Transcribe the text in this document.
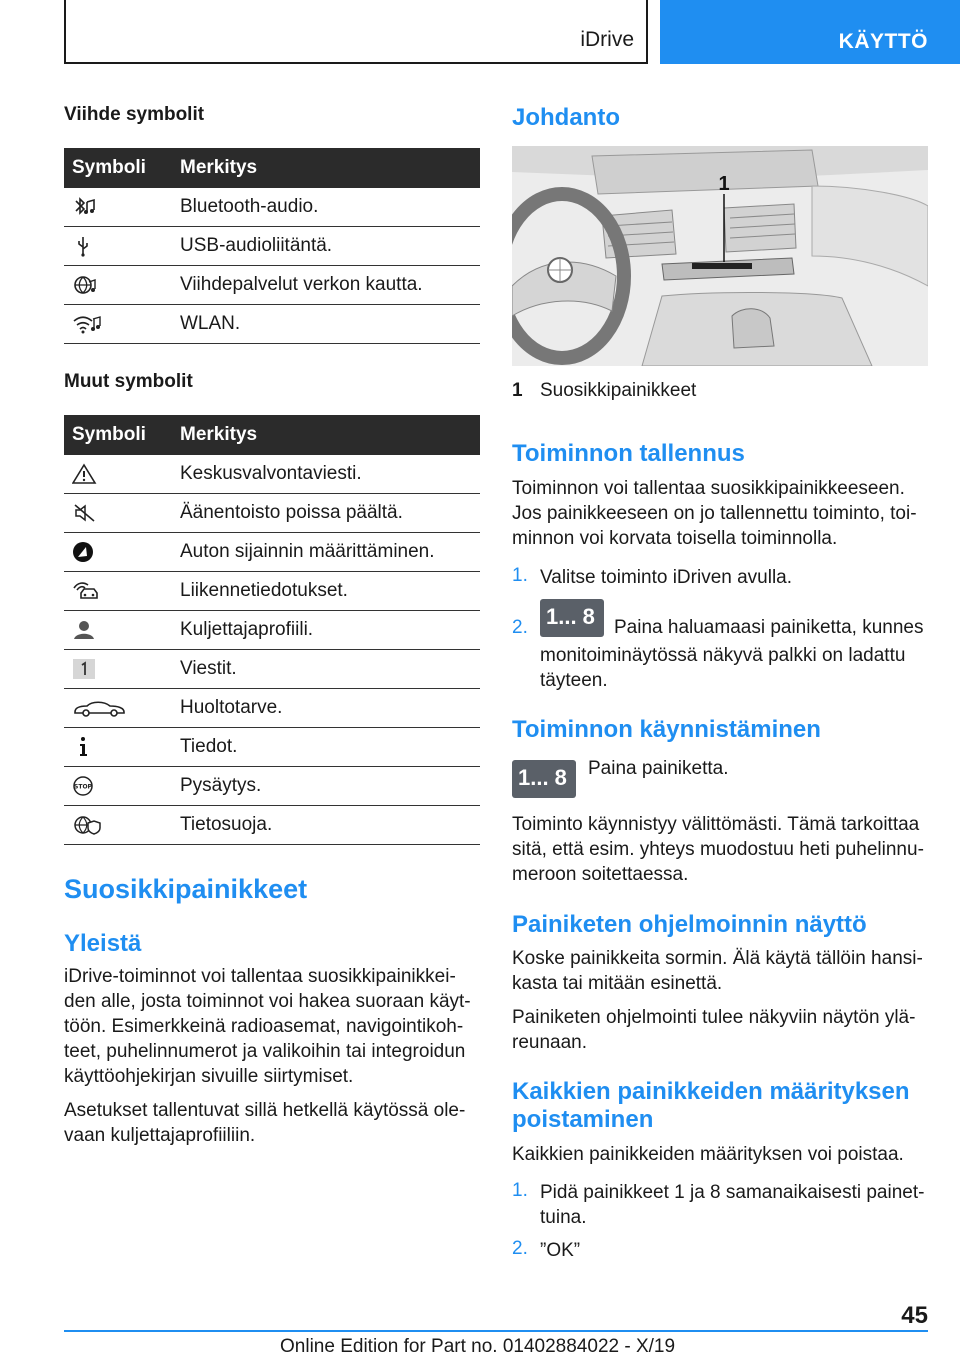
iDrive	KÄYTTÖ
Viihde symbolit
Symboli	Merkitys

	Bluetooth-audio.

	USB-audioliitäntä.

	Viihdepalvelut verkon kautta.

	WLAN.
Muut symbolit
Symboli	Merkitys

	Keskusvalvontaviesti.

	Äänentoisto poissa päältä.

	Auton sijainnin määrittäminen.

	Liikennetiedotukset.

	Kuljettajaprofiili.

	Viestit.

	Huoltotarve.

	Tiedot.

STOP	Pysäytys.

	Tietosuoja.
Suosikkipainikkeet
Yleistä
iDrive-toiminnot voi tallentaa suosikkipainikkei-
den alle, josta toiminnot voi hakea suoraan käyt-
töön. Esimerkkeinä radioasemat, navigointikoh-
teet, puhelinnumerot ja valikoihin tai integroidun
käyttöohjekirjan sivuille siirtymiset.
Asetukset tallentuvat sillä hetkellä käytössä ole-
vaan kuljettajaprofiiliin.
Johdanto
1
1 Suosikkipainikkeet
Toiminnon tallennus
Toiminnon voi tallentaa suosikkipainikkeeseen.
Jos painikkeeseen on jo tallennettu toiminto, toi-
minnon voi korvata toisella toiminnolla.
1. Valitse toiminto iDriven avulla.
2. 1... 8 Paina haluamaasi painiketta, kunnes
monitoiminäytössä näkyvä palkki on ladattu
täyteen.
Toiminnon käynnistäminen
1... 8 Paina painiketta.
Toiminto käynnistyy välittömästi. Tämä tarkoittaa
sitä, että esim. yhteys muodostuu heti puhelinnu-
meroon soitettaessa.
Painiketen ohjelmoinnin näyttö
Koske painikkeita sormin. Älä käytä tällöin hansi-
kasta tai mitään esinettä.
Painiketen ohjelmointi tulee näkyviin näytön ylä-
reunaan.
Kaikkien painikkeiden määrityksen
poistaminen
Kaikkien painikkeiden määrityksen voi poistaa.
1. Pidä painikkeet 1 ja 8 samanaikaisesti painet-
tuina.
2. ”OK”
45
Online Edition for Part no. 01402884022 - X/19
